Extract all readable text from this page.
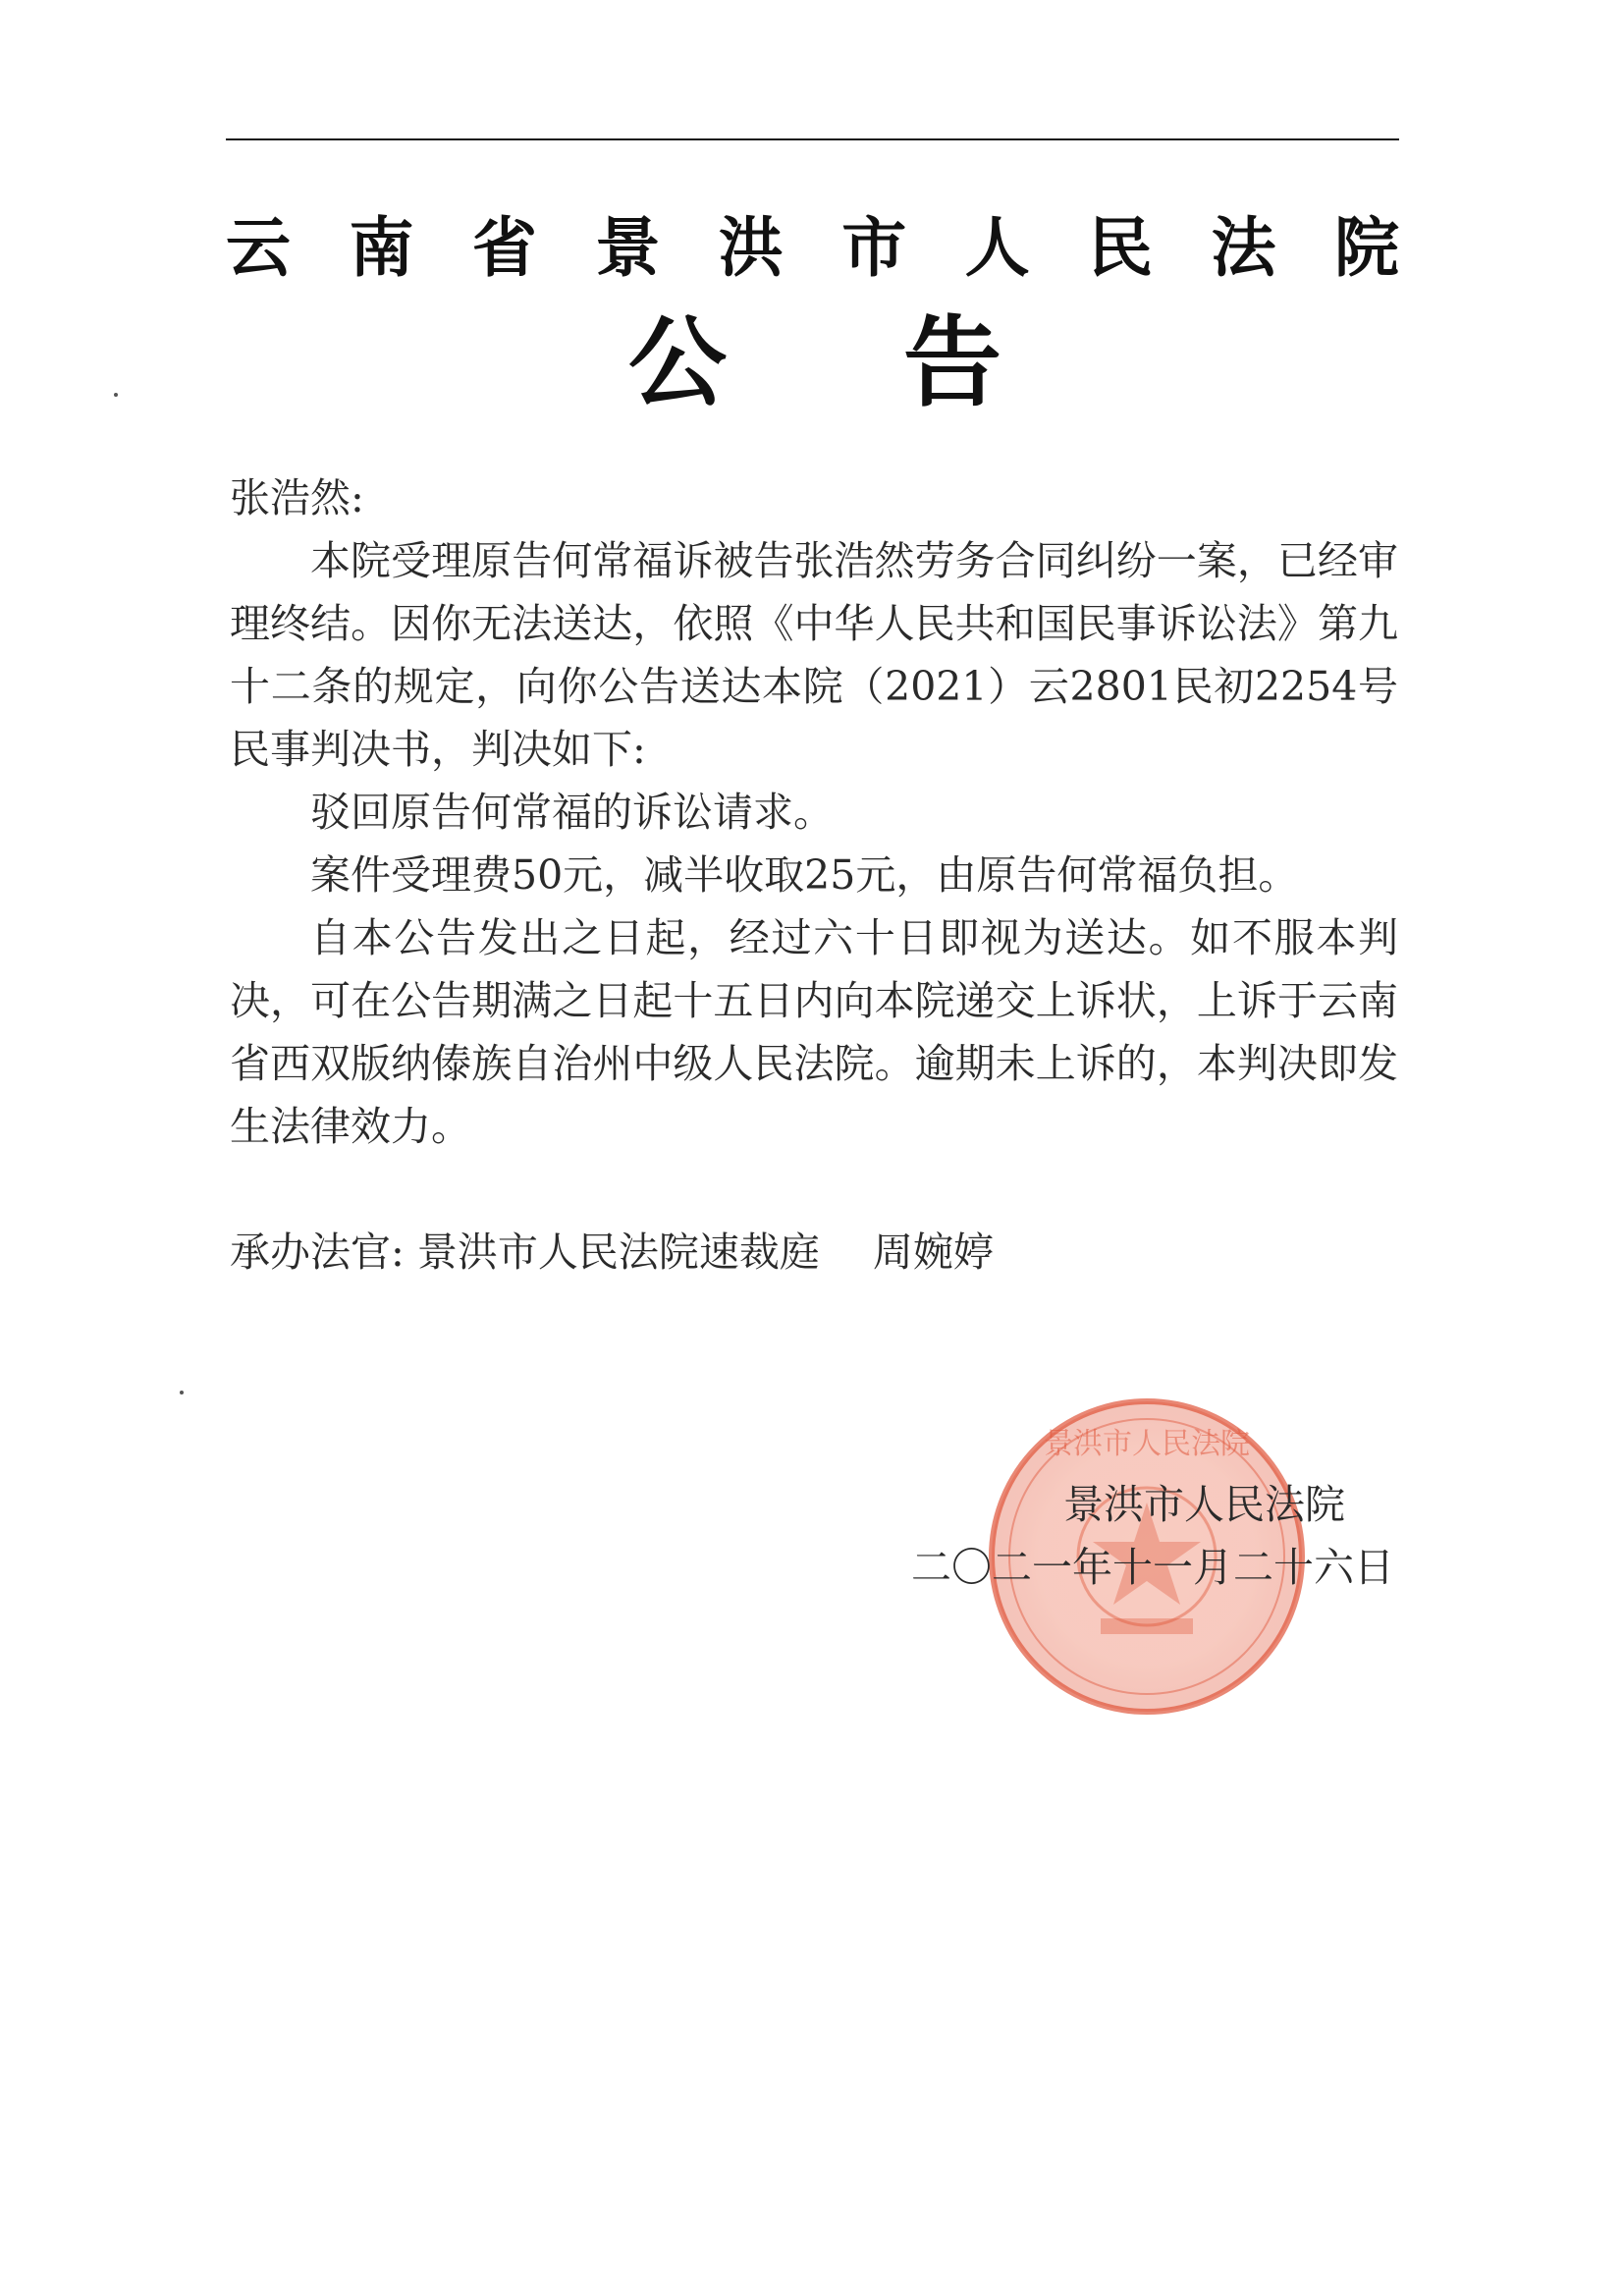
云 南 省 景 洪 市 人 民 法 院
公 告

张浩然:

本院受理原告何常福诉被告张浩然劳务合同纠纷一案，已经审理终结。因你无法送达，依照《中华人民共和国民事诉讼法》第九十二条的规定，向你公告送达本院（2021）云2801民初2254号民事判决书，判决如下:

驳回原告何常福的诉讼请求。

案件受理费50元，减半收取25元，由原告何常福负担。

自本公告发出之日起，经过六十日即视为送达。如不服本判决，可在公告期满之日起十五日内向本院递交上诉状，上诉于云南省西双版纳傣族自治州中级人民法院。逾期未上诉的，本判决即发生法律效力。

承办法官: 景洪市人民法院速裁庭 周婉婷

景洪市人民法院

景洪市人民法院

二〇二一年十一月二十六日
